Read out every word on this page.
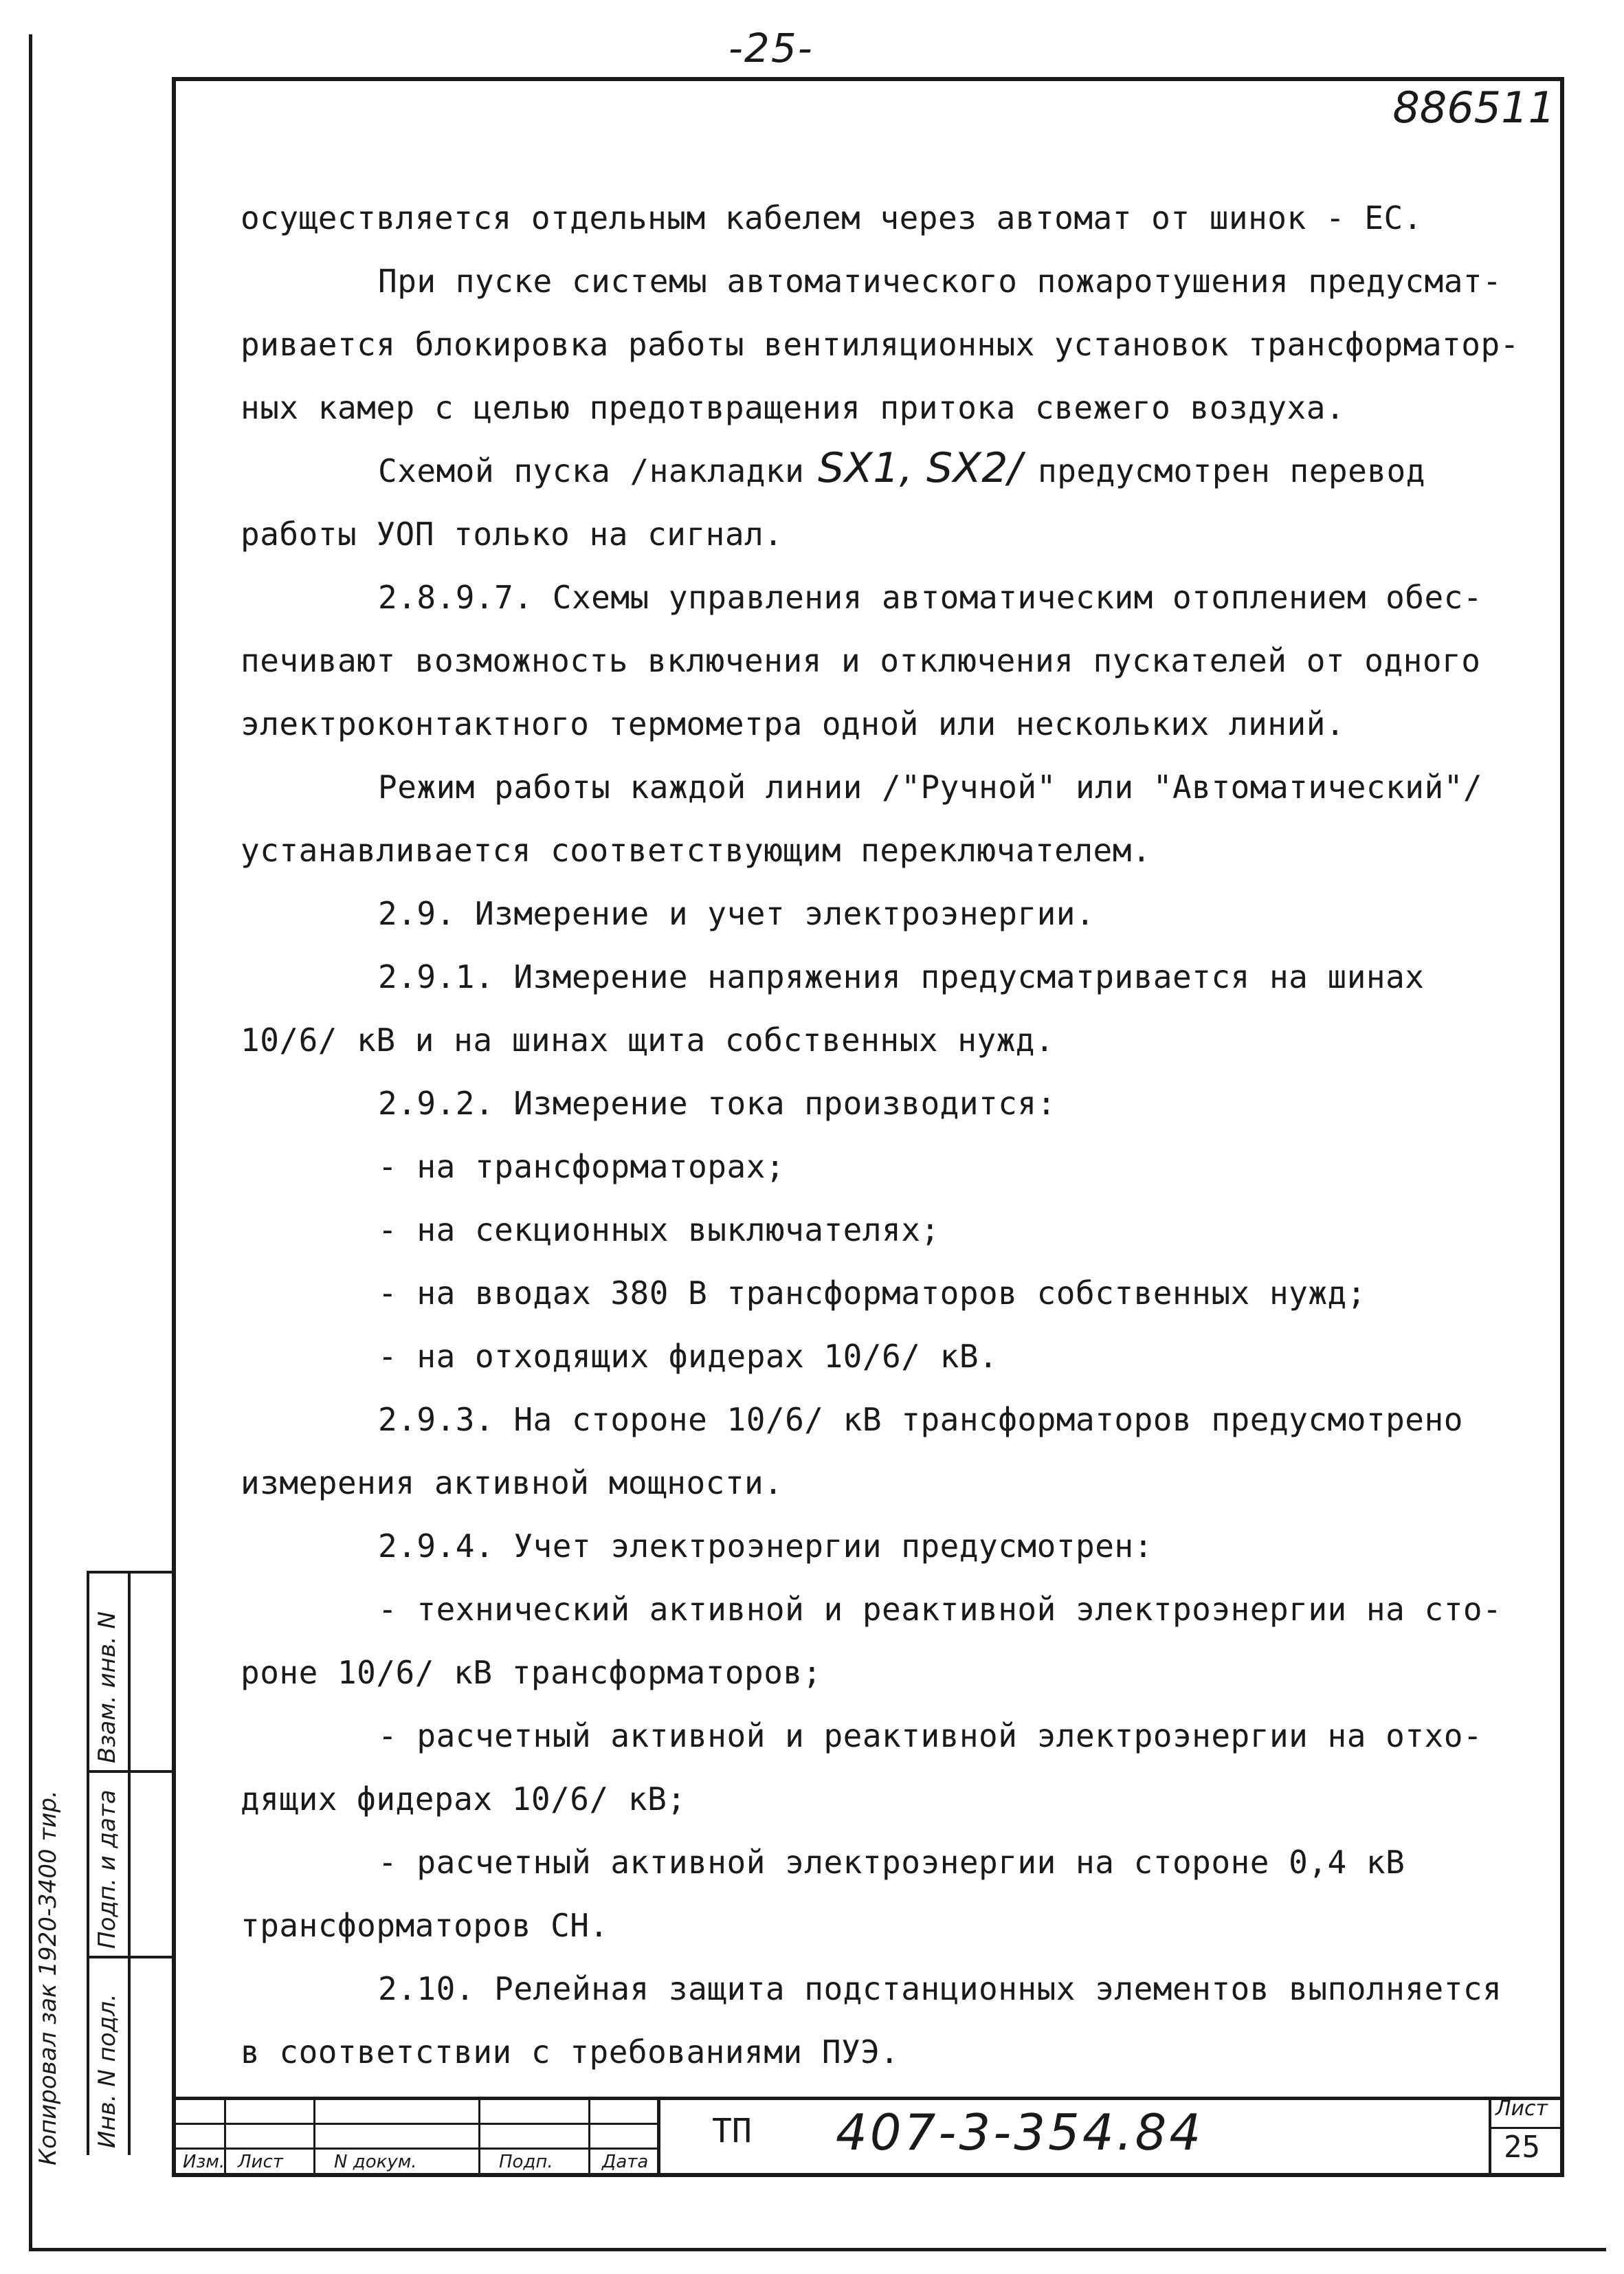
-25-
886511
осуществляется отдельным кабелем через автомат от шинок - ЕС.
При пуске системы автоматического пожаротушения предусмат-
ривается блокировка работы вентиляционных установок трансформатор-
ных камер с целью предотвращения притока свежего воздуха.
Схемой пуска /накладки SX1, SX2/ предусмотрен перевод
работы УОП только на сигнал.
2.8.9.7. Схемы управления автоматическим отоплением обес-
печивают возможность включения и отключения пускателей от одного
электроконтактного термометра одной или нескольких линий.
Режим работы каждой линии /"Ручной" или "Автоматический"/
устанавливается соответствующим переключателем.
2.9. Измерение и учет электроэнергии.
2.9.1. Измерение напряжения предусматривается на шинах
10/6/ кВ и на шинах щита собственных нужд.
2.9.2. Измерение тока производится:
- на трансформаторах;
- на секционных выключателях;
- на вводах 380 В трансформаторов собственных нужд;
- на отходящих фидерах 10/6/ кВ.
2.9.3. На стороне 10/6/ кВ трансформаторов предусмотрено
измерения активной мощности.
2.9.4. Учет электроэнергии предусмотрен:
- технический активной и реактивной электроэнергии на сто-
роне 10/6/ кВ трансформаторов;
- расчетный активной и реактивной электроэнергии на отхо-
дящих фидерах 10/6/ кВ;
- расчетный активной электроэнергии на стороне 0,4 кВ
трансформаторов СН.
2.10. Релейная защита подстанционных элементов выполняется
в соответствии с требованиями ПУЭ.
Взам. инв. N
Подп. и дата
Инв. N подл.
Копировал зак 1920-3400 тир.	Изм. Лист	N докум.	Подп.	Дата
ТП 407-3-354.84	Лист
25
